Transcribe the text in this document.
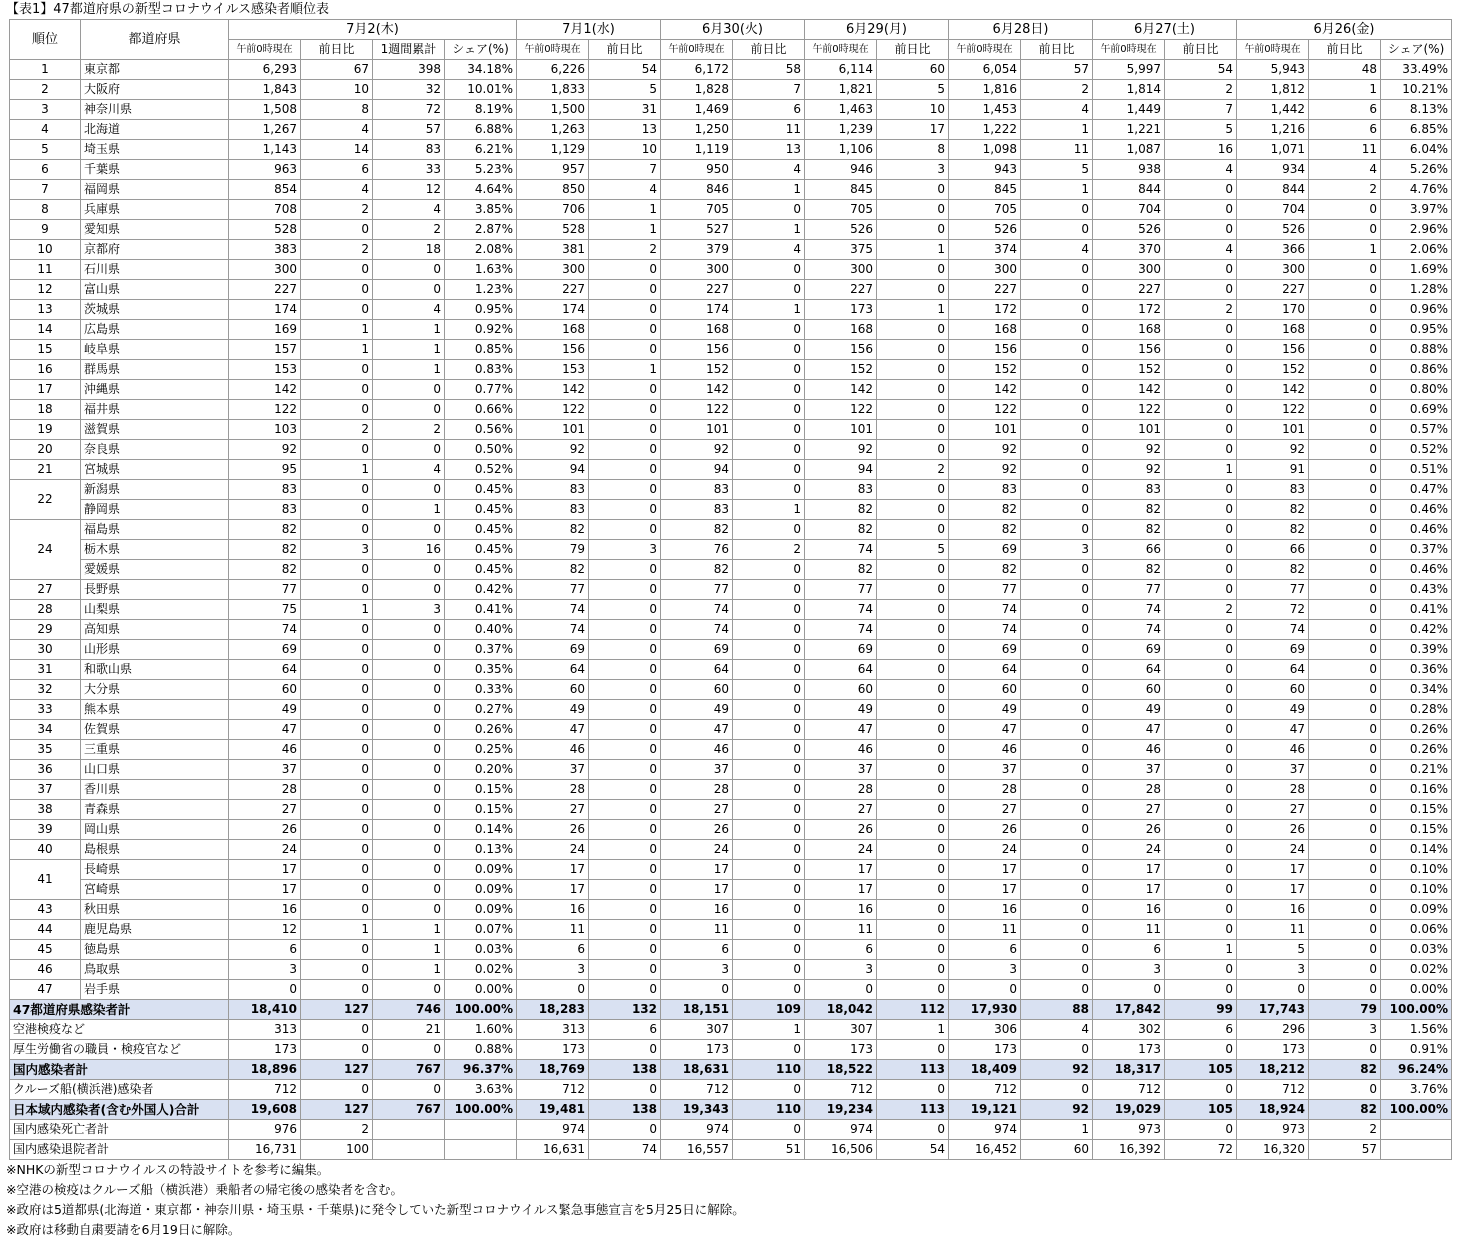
【表1】47都道府県の新型コロナウイルス感染者順位表
順位	都道府県	7月2(木)				7月1(水)		6月30(火)		6月29(月)		6月28日)		6月27(土)		6月26(金)		
		午前0時現在	前日比	1週間累計	シェア(%)	午前0時現在	前日比	午前0時現在	前日比	午前0時現在	前日比	午前0時現在	前日比	午前0時現在	前日比	午前0時現在	前日比	シェア(%)
1	東京都	6,293	67	398	34.18%	6,226	54	6,172	58	6,114	60	6,054	57	5,997	54	5,943	48	33.49%
2	大阪府	1,843	10	32	10.01%	1,833	5	1,828	7	1,821	5	1,816	2	1,814	2	1,812	1	10.21%
3	神奈川県	1,508	8	72	8.19%	1,500	31	1,469	6	1,463	10	1,453	4	1,449	7	1,442	6	8.13%
4	北海道	1,267	4	57	6.88%	1,263	13	1,250	11	1,239	17	1,222	1	1,221	5	1,216	6	6.85%
5	埼玉県	1,143	14	83	6.21%	1,129	10	1,119	13	1,106	8	1,098	11	1,087	16	1,071	11	6.04%
6	千葉県	963	6	33	5.23%	957	7	950	4	946	3	943	5	938	4	934	4	5.26%
7	福岡県	854	4	12	4.64%	850	4	846	1	845	0	845	1	844	0	844	2	4.76%
8	兵庫県	708	2	4	3.85%	706	1	705	0	705	0	705	0	704	0	704	0	3.97%
9	愛知県	528	0	2	2.87%	528	1	527	1	526	0	526	0	526	0	526	0	2.96%
10	京都府	383	2	18	2.08%	381	2	379	4	375	1	374	4	370	4	366	1	2.06%
11	石川県	300	0	0	1.63%	300	0	300	0	300	0	300	0	300	0	300	0	1.69%
12	富山県	227	0	0	1.23%	227	0	227	0	227	0	227	0	227	0	227	0	1.28%
13	茨城県	174	0	4	0.95%	174	0	174	1	173	1	172	0	172	2	170	0	0.96%
14	広島県	169	1	1	0.92%	168	0	168	0	168	0	168	0	168	0	168	0	0.95%
15	岐阜県	157	1	1	0.85%	156	0	156	0	156	0	156	0	156	0	156	0	0.88%
16	群馬県	153	0	1	0.83%	153	1	152	0	152	0	152	0	152	0	152	0	0.86%
17	沖縄県	142	0	0	0.77%	142	0	142	0	142	0	142	0	142	0	142	0	0.80%
18	福井県	122	0	0	0.66%	122	0	122	0	122	0	122	0	122	0	122	0	0.69%
19	滋賀県	103	2	2	0.56%	101	0	101	0	101	0	101	0	101	0	101	0	0.57%
20	奈良県	92	0	0	0.50%	92	0	92	0	92	0	92	0	92	0	92	0	0.52%
21	宮城県	95	1	4	0.52%	94	0	94	0	94	2	92	0	92	1	91	0	0.51%
22	新潟県	83	0	0	0.45%	83	0	83	0	83	0	83	0	83	0	83	0	0.47%
	静岡県	83	0	1	0.45%	83	0	83	1	82	0	82	0	82	0	82	0	0.46%
24	福島県	82	0	0	0.45%	82	0	82	0	82	0	82	0	82	0	82	0	0.46%
	栃木県	82	3	16	0.45%	79	3	76	2	74	5	69	3	66	0	66	0	0.37%
	愛媛県	82	0	0	0.45%	82	0	82	0	82	0	82	0	82	0	82	0	0.46%
27	長野県	77	0	0	0.42%	77	0	77	0	77	0	77	0	77	0	77	0	0.43%
28	山梨県	75	1	3	0.41%	74	0	74	0	74	0	74	0	74	2	72	0	0.41%
29	高知県	74	0	0	0.40%	74	0	74	0	74	0	74	0	74	0	74	0	0.42%
30	山形県	69	0	0	0.37%	69	0	69	0	69	0	69	0	69	0	69	0	0.39%
31	和歌山県	64	0	0	0.35%	64	0	64	0	64	0	64	0	64	0	64	0	0.36%
32	大分県	60	0	0	0.33%	60	0	60	0	60	0	60	0	60	0	60	0	0.34%
33	熊本県	49	0	0	0.27%	49	0	49	0	49	0	49	0	49	0	49	0	0.28%
34	佐賀県	47	0	0	0.26%	47	0	47	0	47	0	47	0	47	0	47	0	0.26%
35	三重県	46	0	0	0.25%	46	0	46	0	46	0	46	0	46	0	46	0	0.26%
36	山口県	37	0	0	0.20%	37	0	37	0	37	0	37	0	37	0	37	0	0.21%
37	香川県	28	0	0	0.15%	28	0	28	0	28	0	28	0	28	0	28	0	0.16%
38	青森県	27	0	0	0.15%	27	0	27	0	27	0	27	0	27	0	27	0	0.15%
39	岡山県	26	0	0	0.14%	26	0	26	0	26	0	26	0	26	0	26	0	0.15%
40	島根県	24	0	0	0.13%	24	0	24	0	24	0	24	0	24	0	24	0	0.14%
41	長崎県	17	0	0	0.09%	17	0	17	0	17	0	17	0	17	0	17	0	0.10%
	宮崎県	17	0	0	0.09%	17	0	17	0	17	0	17	0	17	0	17	0	0.10%
43	秋田県	16	0	0	0.09%	16	0	16	0	16	0	16	0	16	0	16	0	0.09%
44	鹿児島県	12	1	1	0.07%	11	0	11	0	11	0	11	0	11	0	11	0	0.06%
45	徳島県	6	0	1	0.03%	6	0	6	0	6	0	6	0	6	1	5	0	0.03%
46	鳥取県	3	0	1	0.02%	3	0	3	0	3	0	3	0	3	0	3	0	0.02%
47	岩手県	0	0	0	0.00%	0	0	0	0	0	0	0	0	0	0	0	0	0.00%
47都道府県感染者計		18,410	127	746	100.00%	18,283	132	18,151	109	18,042	112	17,930	88	17,842	99	17,743	79	100.00%
空港検疫など		313	0	21	1.60%	313	6	307	1	307	1	306	4	302	6	296	3	1.56%
厚生労働省の職員・検疫官など		173	0	0	0.88%	173	0	173	0	173	0	173	0	173	0	173	0	0.91%
国内感染者計		18,896	127	767	96.37%	18,769	138	18,631	110	18,522	113	18,409	92	18,317	105	18,212	82	96.24%
クルーズ船(横浜港)感染者		712	0	0	3.63%	712	0	712	0	712	0	712	0	712	0	712	0	3.76%
日本域内感染者(含む外国人)合計		19,608	127	767	100.00%	19,481	138	19,343	110	19,234	113	19,121	92	19,029	105	18,924	82	100.00%
国内感染死亡者計		976	2			974	0	974	0	974	0	974	1	973	0	973	2	
国内感染退院者計		16,731	100			16,631	74	16,557	51	16,506	54	16,452	60	16,392	72	16,320	57	
※NHKの新型コロナウイルスの特設サイトを参考に編集。
※空港の検疫はクルーズ船（横浜港）乗船者の帰宅後の感染者を含む。
※政府は5道都県(北海道・東京都・神奈川県・埼玉県・千葉県)に発令していた新型コロナウイルス緊急事態宣言を5月25日に解除。
※政府は移動自粛要請を6月19日に解除。
